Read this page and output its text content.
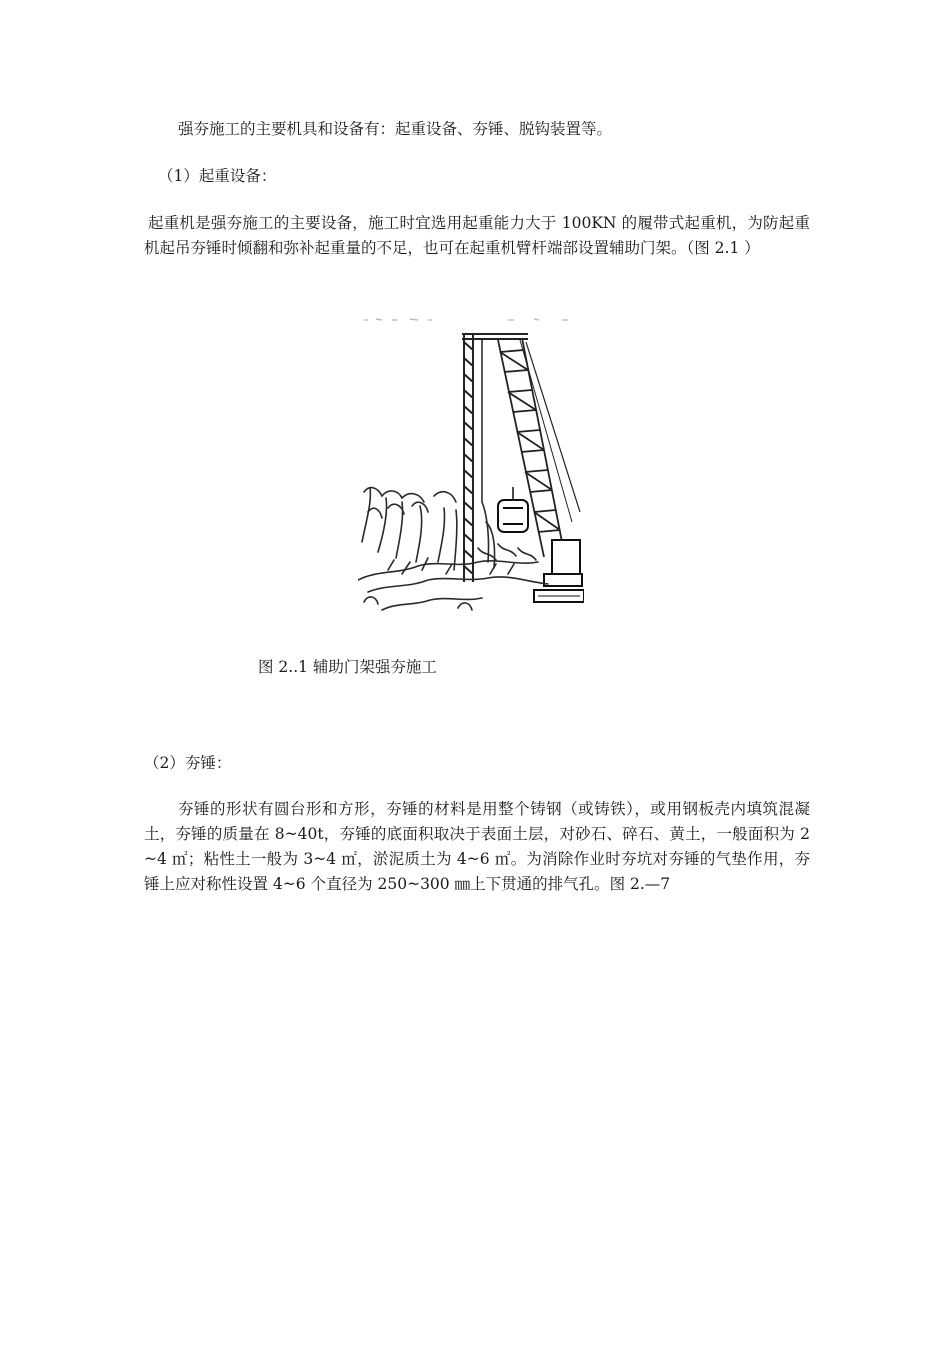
强夯施工的主要机具和设备有：起重设备、夯锤、脱钩装置等。

（1）起重设备：

起重机是强夯施工的主要设备，施工时宜选用起重能力大于 100KN 的履带式起重机，为防起重机起吊夯锤时倾翻和弥补起重量的不足，也可在起重机臂杆端部设置辅助门架。（图 2.1 ）

图 2..1 辅助门架强夯施工

（2）夯锤：

夯锤的形状有圆台形和方形，夯锤的材料是用整个铸钢（或铸铁），或用钢板壳内填筑混凝土，夯锤的质量在 8~40t，夯锤的底面积取决于表面土层，对砂石、碎石、黄土，一般面积为 2~4 ㎡；粘性土一般为 3~4 ㎡，淤泥质土为 4~6 ㎡。为消除作业时夯坑对夯锤的气垫作用，夯锤上应对称性设置 4~6 个直径为 250~300 ㎜上下贯通的排气孔。图 2.—7
